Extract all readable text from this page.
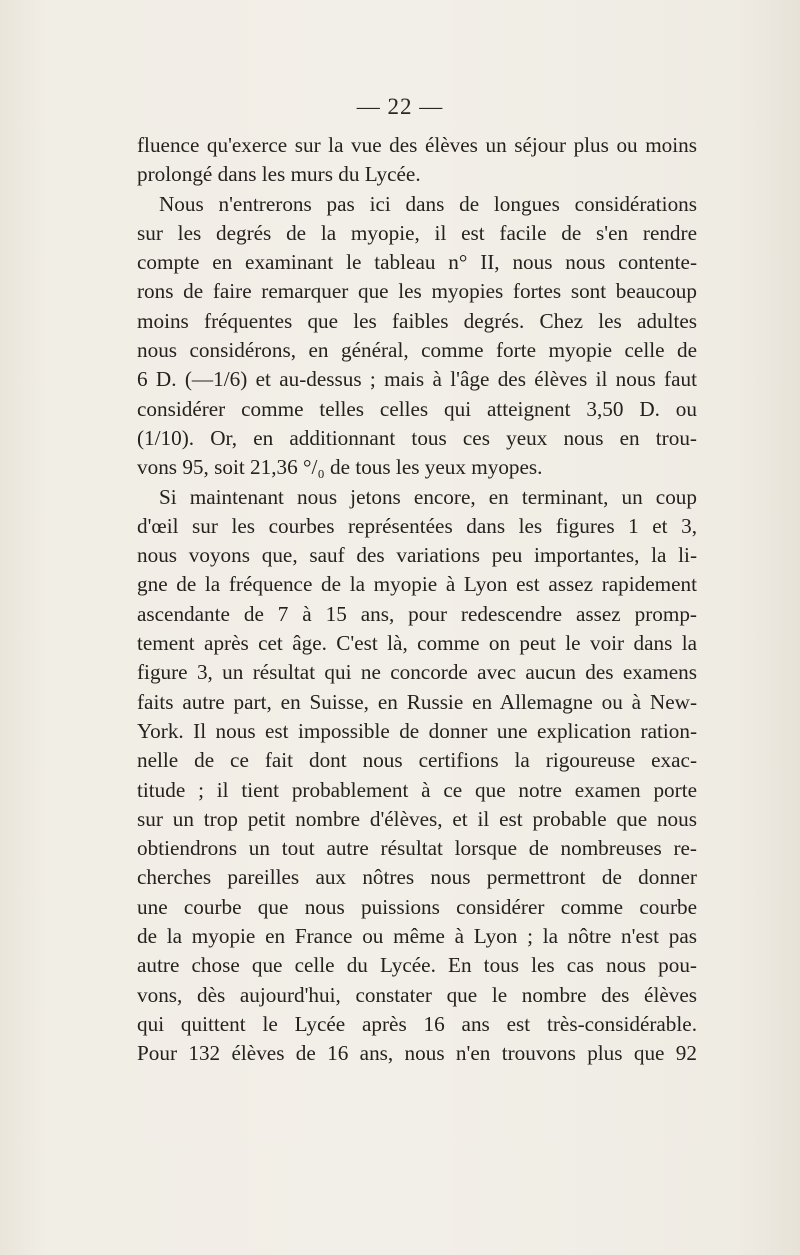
— 22 —
fluence qu'exerce sur la vue des élèves un séjour plus ou moins
prolongé dans les murs du Lycée.
Nous n'entrerons pas ici dans de longues considérations
sur les degrés de la myopie, il est facile de s'en rendre
compte en examinant le tableau n° II, nous nous contente-
rons de faire remarquer que les myopies fortes sont beaucoup
moins fréquentes que les faibles degrés. Chez les adultes
nous considérons, en général, comme forte myopie celle de
6 D. (—1/6) et au-dessus ; mais à l'âge des élèves il nous faut
considérer comme telles celles qui atteignent 3,50 D. ou
(1/10). Or, en additionnant tous ces yeux nous en trou-
vons 95, soit 21,36 °/₀ de tous les yeux myopes.
Si maintenant nous jetons encore, en terminant, un coup
d'œil sur les courbes représentées dans les figures 1 et 3,
nous voyons que, sauf des variations peu importantes, la li-
gne de la fréquence de la myopie à Lyon est assez rapidement
ascendante de 7 à 15 ans, pour redescendre assez promp-
tement après cet âge. C'est là, comme on peut le voir dans la
figure 3, un résultat qui ne concorde avec aucun des examens
faits autre part, en Suisse, en Russie en Allemagne ou à New-
York. Il nous est impossible de donner une explication ration-
nelle de ce fait dont nous certifions la rigoureuse exac-
titude ; il tient probablement à ce que notre examen porte
sur un trop petit nombre d'élèves, et il est probable que nous
obtiendrons un tout autre résultat lorsque de nombreuses re-
cherches pareilles aux nôtres nous permettront de donner
une courbe que nous puissions considérer comme courbe
de la myopie en France ou même à Lyon ; la nôtre n'est pas
autre chose que celle du Lycée. En tous les cas nous pou-
vons, dès aujourd'hui, constater que le nombre des élèves
qui quittent le Lycée après 16 ans est très-considérable.
Pour 132 élèves de 16 ans, nous n'en trouvons plus que 92
